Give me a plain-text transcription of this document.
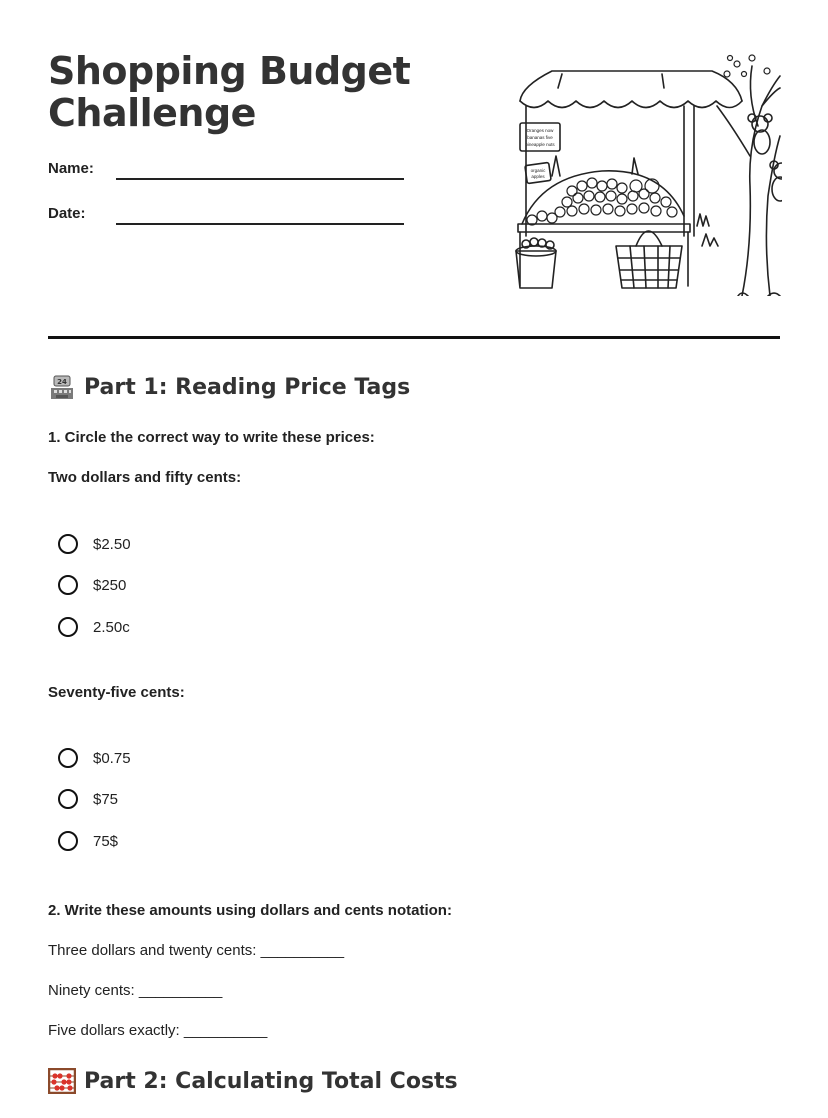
Shopping Budget
Challenge
Name:
Date:
Oranges now
bananas five
pineapple nuts
organic
apples
24 Part 1: Reading Price Tags
1. Circle the correct way to write these prices:
Two dollars and fifty cents:
$2.50
$250
2.50c
Seventy-five cents:
$0.75
$75
75$
2. Write these amounts using dollars and cents notation:
Three dollars and twenty cents: __________
Ninety cents: __________
Five dollars exactly: __________
Part 2: Calculating Total Costs
